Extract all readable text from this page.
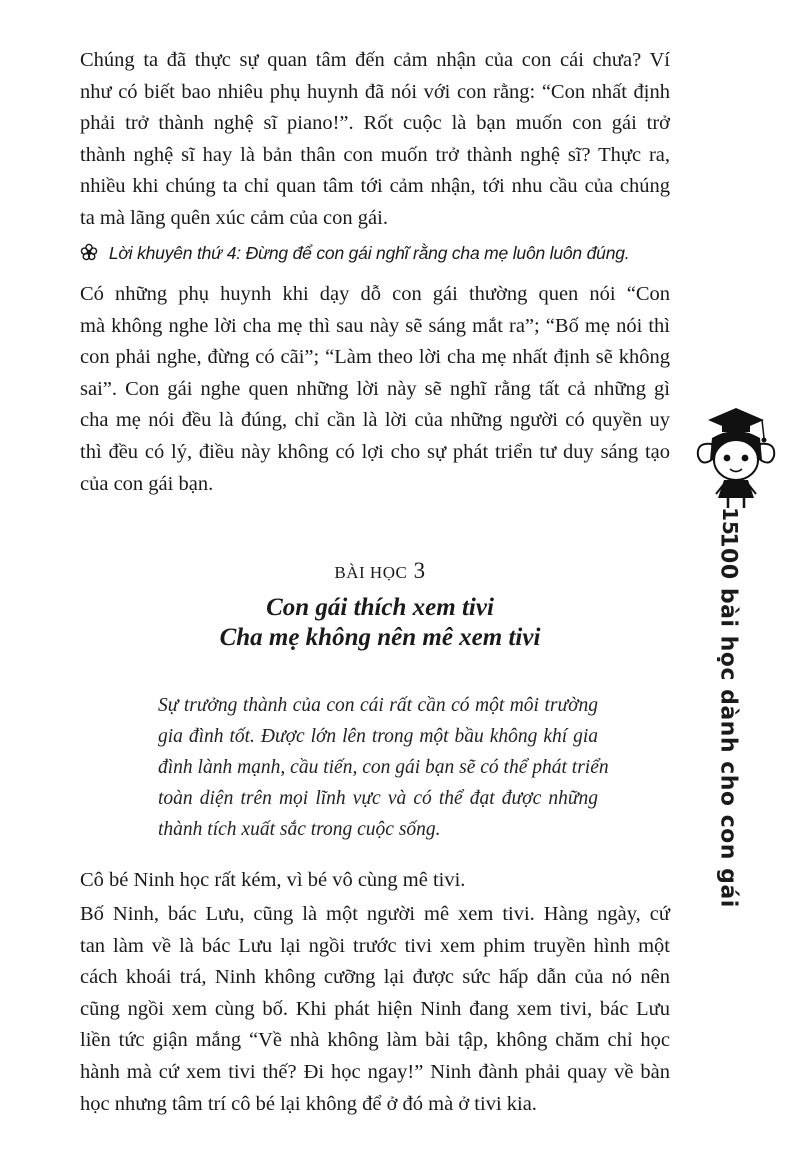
Chúng ta đã thực sự quan tâm đến cảm nhận của con cái chưa? Ví
như có biết bao nhiêu phụ huynh đã nói với con rằng: “Con nhất định
phải trở thành nghệ sĩ piano!”. Rốt cuộc là bạn muốn con gái trở
thành nghệ sĩ hay là bản thân con muốn trở thành nghệ sĩ? Thực ra,
nhiều khi chúng ta chỉ quan tâm tới cảm nhận, tới nhu cầu của chúng
ta mà lãng quên xúc cảm của con gái.
Lời khuyên thứ 4: Đừng để con gái nghĩ rằng cha mẹ luôn luôn đúng.
Có những phụ huynh khi dạy dỗ con gái thường quen nói “Con
mà không nghe lời cha mẹ thì sau này sẽ sáng mắt ra”; “Bố mẹ nói thì
con phải nghe, đừng có cãi”; “Làm theo lời cha mẹ nhất định sẽ không
sai”. Con gái nghe quen những lời này sẽ nghĩ rằng tất cả những gì
cha mẹ nói đều là đúng, chỉ cần là lời của những người có quyền uy
thì đều có lý, điều này không có lợi cho sự phát triển tư duy sáng tạo
của con gái bạn.
BÀI HỌC 3
Con gái thích xem tivi
Cha mẹ không nên mê xem tivi
Sự trưởng thành của con cái rất cần có một môi trường
gia đình tốt. Được lớn lên trong một bầu không khí gia
đình lành mạnh, cầu tiến, con gái bạn sẽ có thể phát triển
toàn diện trên mọi lĩnh vực và có thể đạt được những
thành tích xuất sắc trong cuộc sống.
Cô bé Ninh học rất kém, vì bé vô cùng mê tivi.
Bố Ninh, bác Lưu, cũng là một người mê xem tivi. Hàng ngày, cứ
tan làm về là bác Lưu lại ngồi trước tivi xem phim truyền hình một
cách khoái trá, Ninh không cưỡng lại được sức hấp dẫn của nó nên
cũng ngồi xem cùng bố. Khi phát hiện Ninh đang xem tivi, bác Lưu
liền tức giận mắng “Về nhà không làm bài tập, không chăm chỉ học
hành mà cứ xem tivi thế? Đi học ngay!” Ninh đành phải quay về bàn
học nhưng tâm trí cô bé lại không để ở đó mà ở tivi kia.
15
100 bài học dành cho con gái
